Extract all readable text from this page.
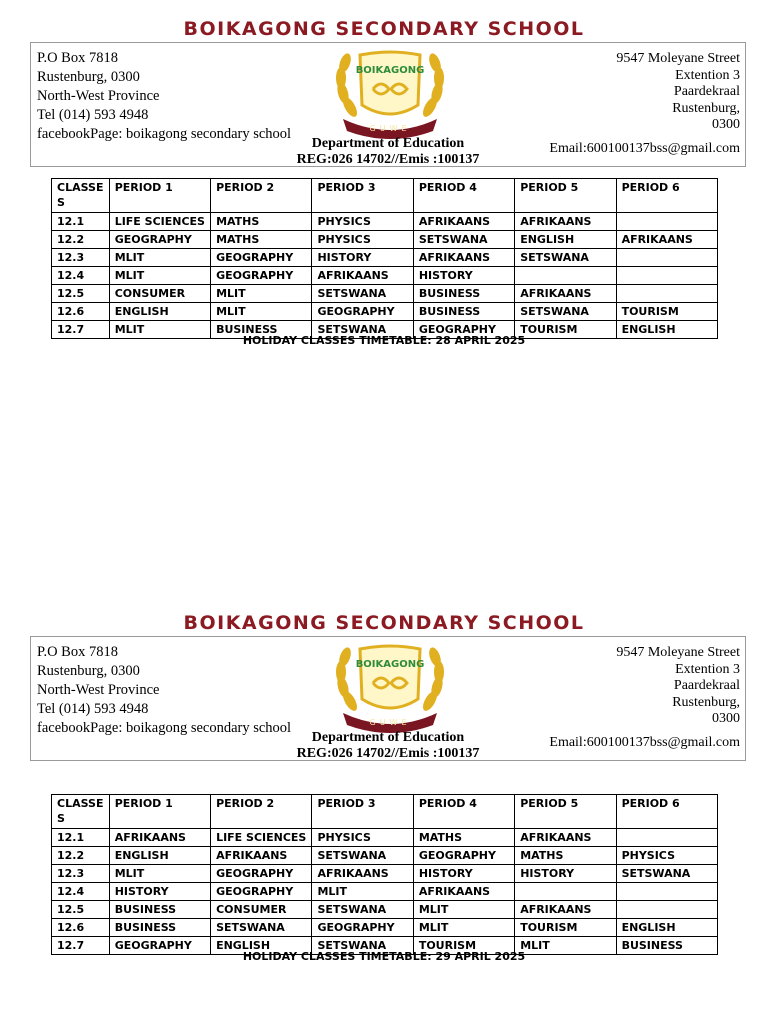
BOIKAGONG SECONDARY SCHOOL
P.O Box 7818
Rustenburg, 0300
North-West Province
Tel (014) 593 4948
facebookPage: boikagong secondary school
BOIKAGONG
GUWE
9547 Moleyane Street
Extention 3
Paardekraal
Rustenburg,
0300
Email:600100137bss@gmail.com
Department of Education
REG:026 14702//Emis :100137
CLASSE S	PERIOD 1	PERIOD 2	PERIOD 3	PERIOD 4	PERIOD 5	PERIOD 6
12.1	LIFE SCIENCES	MATHS	PHYSICS	AFRIKAANS	AFRIKAANS	
12.2	GEOGRAPHY	MATHS	PHYSICS	SETSWANA	ENGLISH	AFRIKAANS
12.3	MLIT	GEOGRAPHY	HISTORY	AFRIKAANS	SETSWANA	
12.4	MLIT	GEOGRAPHY	AFRIKAANS	HISTORY		
12.5	CONSUMER	MLIT	SETSWANA	BUSINESS	AFRIKAANS	
12.6	ENGLISH	MLIT	GEOGRAPHY	BUSINESS	SETSWANA	TOURISM
12.7	MLIT	BUSINESS	SETSWANA	GEOGRAPHY	TOURISM	ENGLISH
HOLIDAY CLASSES TIMETABLE: 28 APRIL 2025
BOIKAGONG SECONDARY SCHOOL
P.O Box 7818
Rustenburg, 0300
North-West Province
Tel (014) 593 4948
facebookPage: boikagong secondary school
BOIKAGONG
GUWE
9547 Moleyane Street
Extention 3
Paardekraal
Rustenburg,
0300
Email:600100137bss@gmail.com
Department of Education
REG:026 14702//Emis :100137
CLASSE S	PERIOD 1	PERIOD 2	PERIOD 3	PERIOD 4	PERIOD 5	PERIOD 6
12.1	AFRIKAANS	LIFE SCIENCES	PHYSICS	MATHS	AFRIKAANS	
12.2	ENGLISH	AFRIKAANS	SETSWANA	GEOGRAPHY	MATHS	PHYSICS
12.3	MLIT	GEOGRAPHY	AFRIKAANS	HISTORY	HISTORY	SETSWANA
12.4	HISTORY	GEOGRAPHY	MLIT	AFRIKAANS		
12.5	BUSINESS	CONSUMER	SETSWANA	MLIT	AFRIKAANS	
12.6	BUSINESS	SETSWANA	GEOGRAPHY	MLIT	TOURISM	ENGLISH
12.7	GEOGRAPHY	ENGLISH	SETSWANA	TOURISM	MLIT	BUSINESS
HOLIDAY CLASSES TIMETABLE: 29 APRIL 2025
